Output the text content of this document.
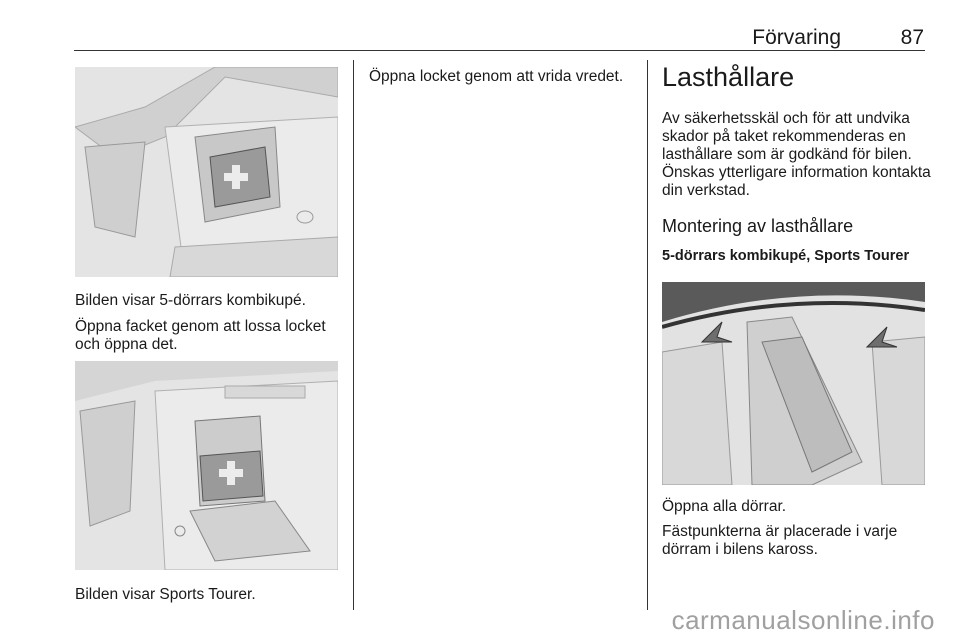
Förvaring	87

Bilden visar 5-dörrars kombikupé.

Öppna facket genom att lossa locket och öppna det.

Bilden visar Sports Tourer.

Öppna locket genom att vrida vredet.	Lasthållare

Av säkerhetsskäl och för att undvika skador på taket rekommenderas en lasthållare som är godkänd för bilen. Önskas ytterligare information kontakta din verkstad.

Montering av lasthållare
5-dörrars kombikupé, Sports Tourer

Öppna alla dörrar.

Fästpunkterna är placerade i varje dörram i bilens kaross.

carmanualsonline.info
